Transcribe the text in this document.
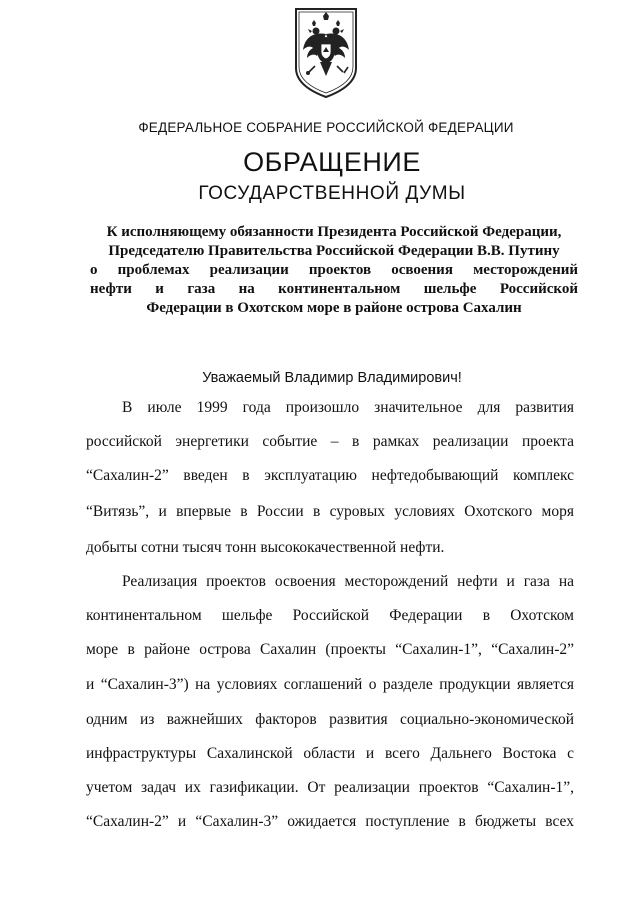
ФЕДЕРАЛЬНОЕ СОБРАНИЕ РОССИЙСКОЙ ФЕДЕРАЦИИ
ОБРАЩЕНИЕ
ГОСУДАРСТВЕННОЙ ДУМЫ
К исполняющему обязанности Президента Российской Федерации,
Председателю Правительства Российской Федерации В.В. Путину
о проблемах реализации проектов освоения месторождений
нефти и газа на континентальном шельфе Российской
Федерации в Охотском море в районе острова Сахалин
Уважаемый Владимир Владимирович!
В июле 1999 года произошло значительное для развития
российской энергетики событие – в рамках реализации проекта
“Сахалин-2” введен в эксплуатацию нефтедобывающий комплекс
“Витязь”, и впервые в России в суровых условиях Охотского моря
добыты сотни тысяч тонн высококачественной нефти.
Реализация проектов освоения месторождений нефти и газа на
континентальном шельфе Российской Федерации в Охотском
море в районе острова Сахалин (проекты “Сахалин-1”, “Сахалин-2”
и “Сахалин-3”) на условиях соглашений о разделе продукции является
одним из важнейших факторов развития социально-экономической
инфраструктуры Сахалинской области и всего Дальнего Востока с
учетом задач их газификации. От реализации проектов “Сахалин-1”,
“Сахалин-2” и “Сахалин-3” ожидается поступление в бюджеты всех
